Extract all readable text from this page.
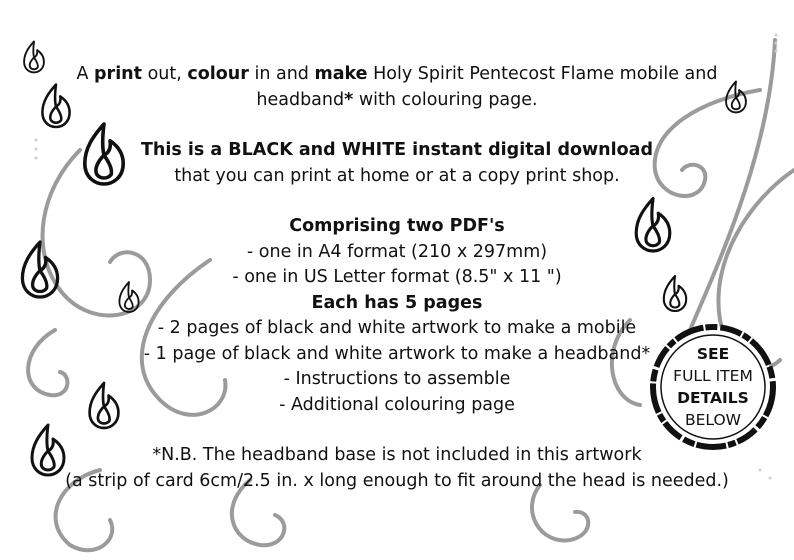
A print out, colour in and make Holy Spirit Pentecost Flame mobile and
headband* with colouring page.
This is a BLACK and WHITE instant digital download
that you can print at home or at a copy print shop.
Comprising two PDF's
- one in A4 format (210 x 297mm)
- one in US Letter format (8.5" x 11 ")
Each has 5 pages
- 2 pages of black and white artwork to make a mobile
- 1 page of black and white artwork to make a headband*
- Instructions to assemble
- Additional colouring page
*N.B. The headband base is not included in this artwork
(a strip of card 6cm/2.5 in. x long enough to fit around the head is needed.)
SEE
FULL ITEM
DETAILS
BELOW
